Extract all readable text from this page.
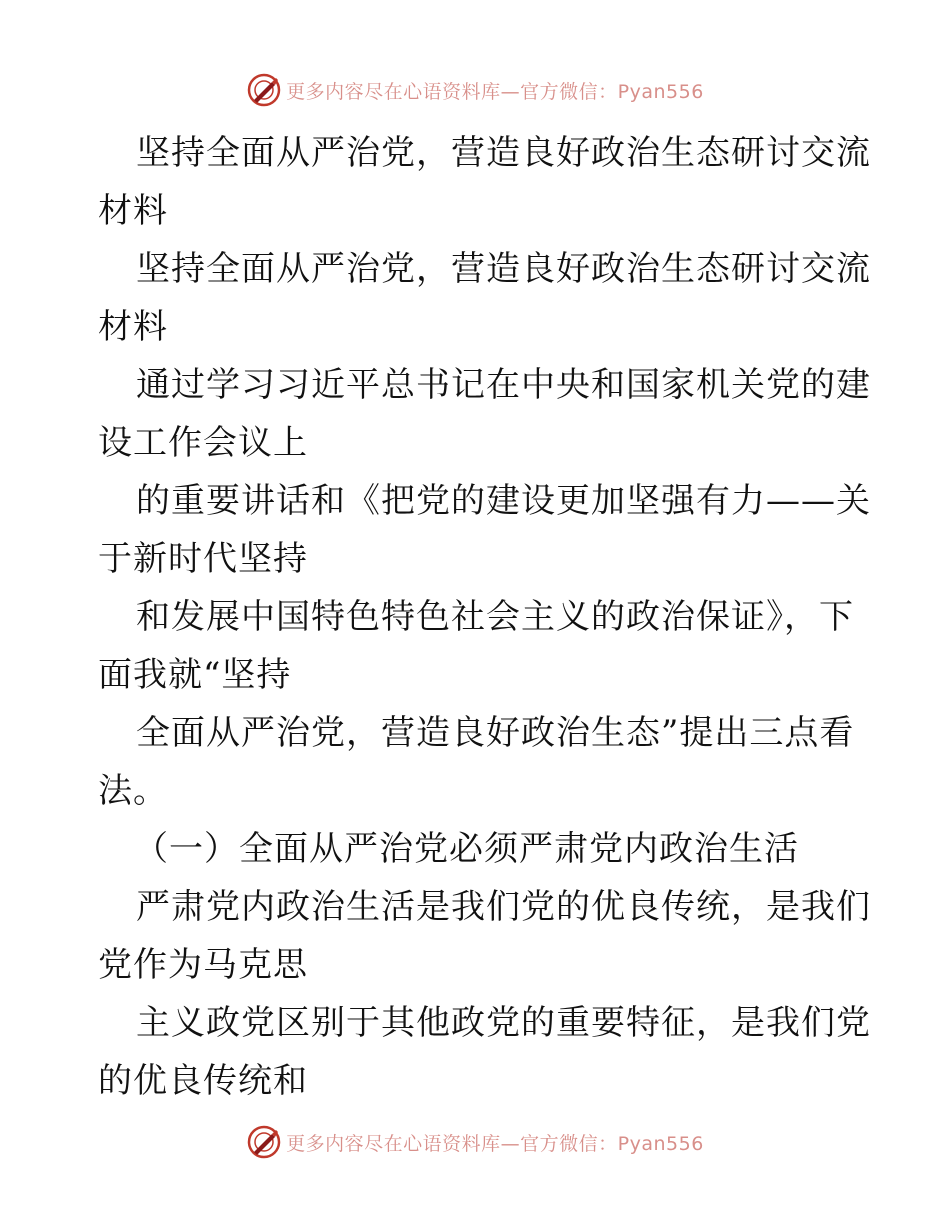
更多内容尽在心语资料库—官方微信：Pyan556
坚持全面从严治党，营造良好政治生态研讨交流
材料
坚持全面从严治党，营造良好政治生态研讨交流
材料
通过学习习近平总书记在中央和国家机关党的建
设工作会议上
的重要讲话和《把党的建设更加坚强有力——关
于新时代坚持
和发展中国特色特色社会主义的政治保证》，下
面我就“坚持
全面从严治党，营造良好政治生态”提出三点看
法。
（一）全面从严治党必须严肃党内政治生活
严肃党内政治生活是我们党的优良传统，是我们
党作为马克思
主义政党区别于其他政党的重要特征，是我们党
的优良传统和
更多内容尽在心语资料库—官方微信：Pyan556
